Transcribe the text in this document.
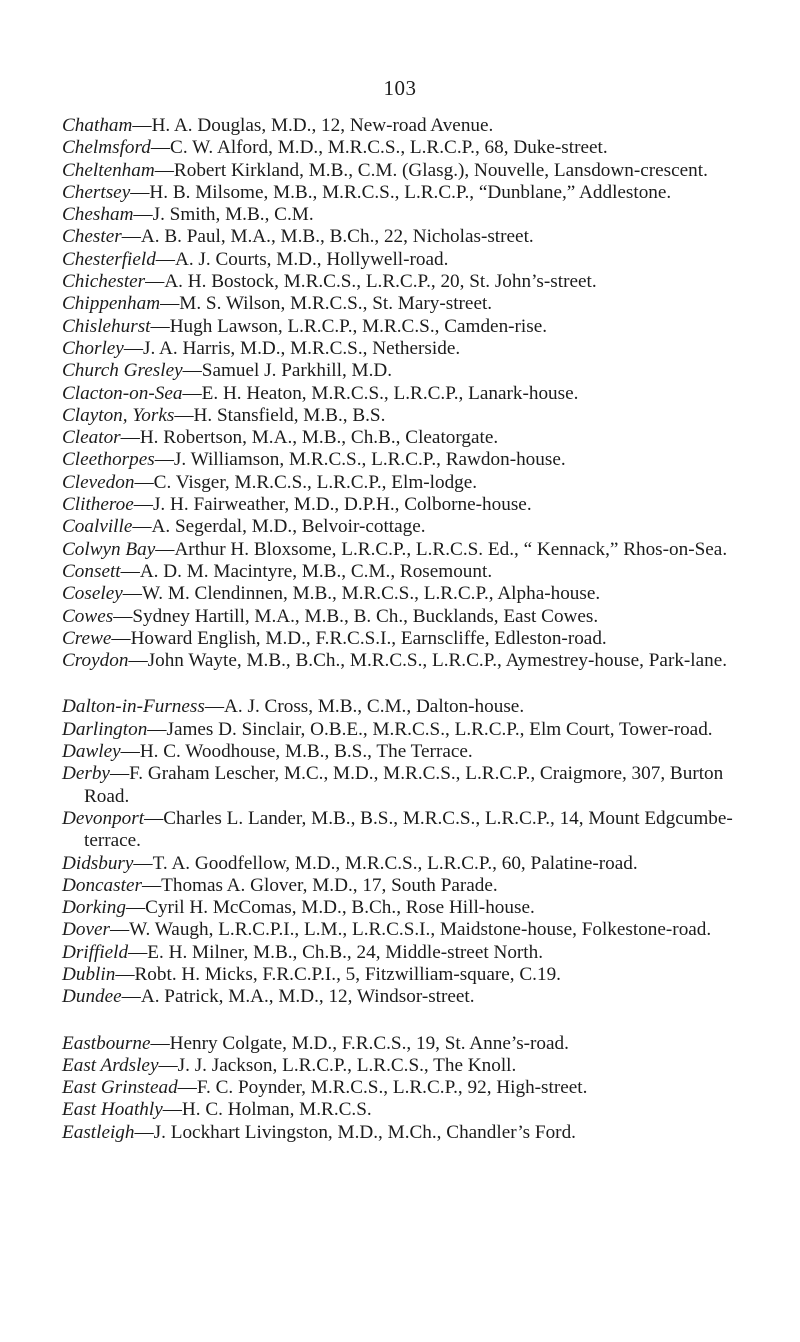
103

Chatham—H. A. Douglas, M.D., 12, New-road Avenue.

Chelmsford—C. W. Alford, M.D., M.R.C.S., L.R.C.P., 68, Duke-street.

Cheltenham—Robert Kirkland, M.B., C.M. (Glasg.), Nouvelle, Lansdown-crescent.

Chertsey—H. B. Milsome, M.B., M.R.C.S., L.R.C.P., “Dunblane,” Addlestone.

Chesham—J. Smith, M.B., C.M.

Chester—A. B. Paul, M.A., M.B., B.Ch., 22, Nicholas-street.

Chesterfield—A. J. Courts, M.D., Hollywell-road.

Chichester—A. H. Bostock, M.R.C.S., L.R.C.P., 20, St. John’s-street.

Chippenham—M. S. Wilson, M.R.C.S., St. Mary-street.

Chislehurst—Hugh Lawson, L.R.C.P., M.R.C.S., Camden-rise.

Chorley—J. A. Harris, M.D., M.R.C.S., Netherside.

Church Gresley—Samuel J. Parkhill, M.D.

Clacton-on-Sea—E. H. Heaton, M.R.C.S., L.R.C.P., Lanark-house.

Clayton, Yorks—H. Stansfield, M.B., B.S.

Cleator—H. Robertson, M.A., M.B., Ch.B., Cleatorgate.

Cleethorpes—J. Williamson, M.R.C.S., L.R.C.P., Rawdon-house.

Clevedon—C. Visger, M.R.C.S., L.R.C.P., Elm-lodge.

Clitheroe—J. H. Fairweather, M.D., D.P.H., Colborne-house.

Coalville—A. Segerdal, M.D., Belvoir-cottage.

Colwyn Bay—Arthur H. Bloxsome, L.R.C.P., L.R.C.S. Ed., “ Kennack,” Rhos-on-Sea.

Consett—A. D. M. Macintyre, M.B., C.M., Rosemount.

Coseley—W. M. Clendinnen, M.B., M.R.C.S., L.R.C.P., Alpha-house.

Cowes—Sydney Hartill, M.A., M.B., B. Ch., Bucklands, East Cowes.

Crewe—Howard English, M.D., F.R.C.S.I., Earnscliffe, Edleston-road.

Croydon—John Wayte, M.B., B.Ch., M.R.C.S., L.R.C.P., Aymestrey-house, Park-lane.

Dalton-in-Furness—A. J. Cross, M.B., C.M., Dalton-house.

Darlington—James D. Sinclair, O.B.E., M.R.C.S., L.R.C.P., Elm Court, Tower-road.

Dawley—H. C. Woodhouse, M.B., B.S., The Terrace.

Derby—F. Graham Lescher, M.C., M.D., M.R.C.S., L.R.C.P., Craigmore, 307, Burton Road.

Devonport—Charles L. Lander, M.B., B.S., M.R.C.S., L.R.C.P., 14, Mount Edgcumbe-terrace.

Didsbury—T. A. Goodfellow, M.D., M.R.C.S., L.R.C.P., 60, Palatine-road.

Doncaster—Thomas A. Glover, M.D., 17, South Parade.

Dorking—Cyril H. McComas, M.D., B.Ch., Rose Hill-house.

Dover—W. Waugh, L.R.C.P.I., L.M., L.R.C.S.I., Maidstone-house, Folkestone-road.

Driffield—E. H. Milner, M.B., Ch.B., 24, Middle-street North.

Dublin—Robt. H. Micks, F.R.C.P.I., 5, Fitzwilliam-square, C.19.

Dundee—A. Patrick, M.A., M.D., 12, Windsor-street.

Eastbourne—Henry Colgate, M.D., F.R.C.S., 19, St. Anne’s-road.

East Ardsley—J. J. Jackson, L.R.C.P., L.R.C.S., The Knoll.

East Grinstead—F. C. Poynder, M.R.C.S., L.R.C.P., 92, High-street.

East Hoathly—H. C. Holman, M.R.C.S.

Eastleigh—J. Lockhart Livingston, M.D., M.Ch., Chandler’s Ford.
